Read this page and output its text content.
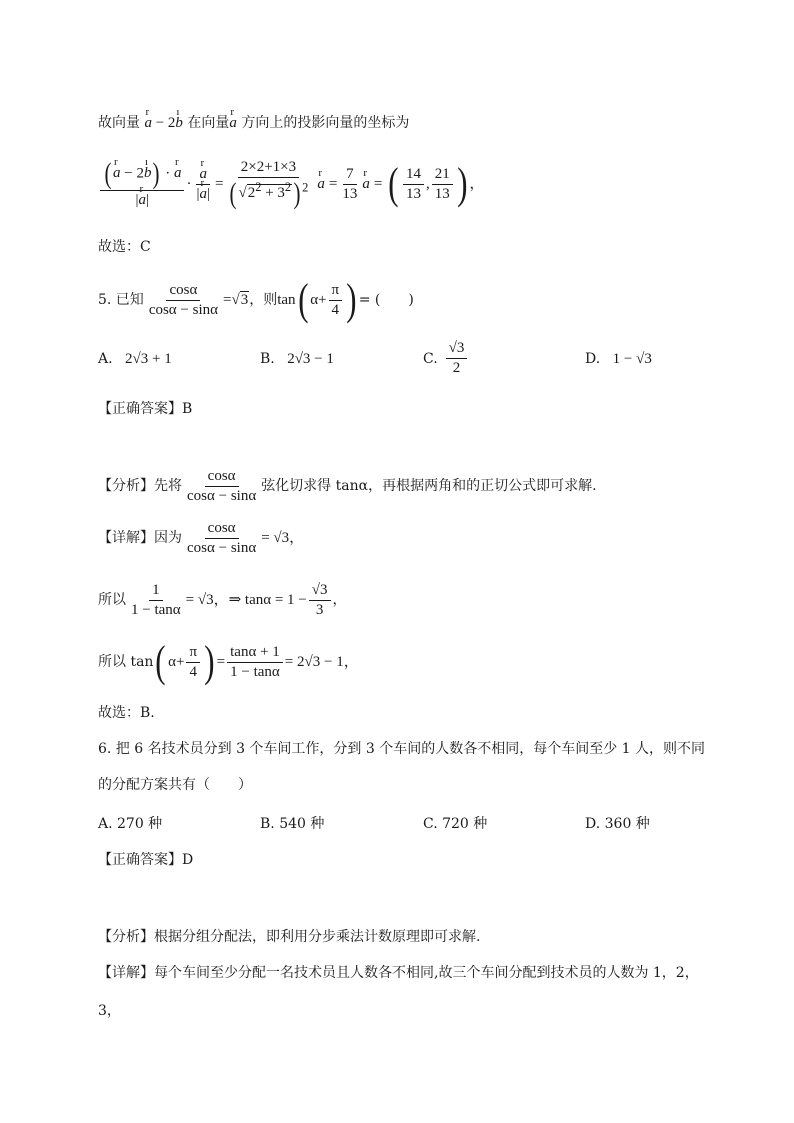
故向量 r a − 2ı b 在向量r a 方向上的投影向量的坐标为
$\frac{\text{(r a − 2ı b) · r a}}{\text{|r a|}}$ ·
r $\frac{a}{\text{|r a|}} = \frac{2\times 2+1\times 3}{( √2^2 + 3^2) ^2}$
r $a = \frac{7}{13}$
r a = ( $\frac{14}{13}$ , $\frac{21}{13}$ ) ，
故选：C
5. 已知 $\frac{\cos\alpha}{\cos\alpha - \sin\alpha} = √3$ ，则 tan ( $\alpha+ \frac{\pi}{4}$ ) = (　　)
A. 2√3 + 1	B. 2√3 − 1	C. $\frac{√3}{2}$	D. 1 − √3
【正确答案】B
【分析】 先将 $\frac{\cos\alpha}{\cos\alpha - \sin\alpha}$ 弦化切求得 tanα，再根据两角和的正切公式即可求解.
【详解】 因为 $\frac{\cos\alpha}{\cos\alpha - \sin\alpha} = √3$，
所以 $\frac{1}{1 - \tan\alpha} = √3$，⇒ $\tan\alpha = 1 - \frac{√3}{3}$ ，
所以 tan ( $\alpha+ \frac{\pi}{4}$ ) = $\frac{\tan\alpha + 1}{1 - \tan\alpha} = 2√3 - 1$，
故选：B.
6. 把 6 名技术员分到 3 个车间工作，分到 3 个车间的人数各不相同，每个车间至少 1 人，则不同
的分配方案共有（　　）
A. 270 种	B. 540 种	C. 720 种	D. 360 种
【正确答案】D
【分析】根据分组分配法，即利用分步乘法计数原理即可求解.
【详解】每个车间至少分配一名技术员且人数各不相同,故三个车间分配到技术员的人数为 1，2，
3，
